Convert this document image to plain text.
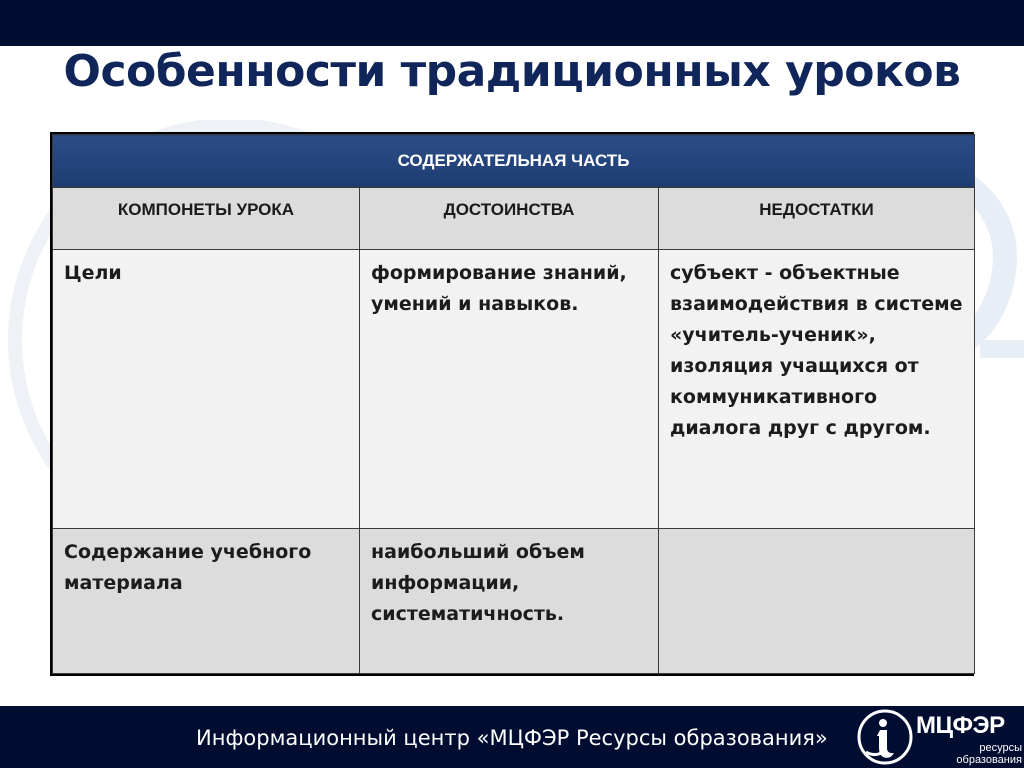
Особенности традиционных уроков
СОДЕРЖАТЕЛЬНАЯ ЧАСТЬ		
КОМПОНЕТЫ УРОКА	ДОСТОИНСТВА	НЕДОСТАТКИ

Цели	формирование знаний, умений и навыков.	субъект - объектные взаимодействия в системе «учитель-ученик», изоляция учащихся от коммуникативного диалога друг с другом.

Содержание учебного материала	наибольший объем информации, систематичность.	

Информационный центр «МЦФЭР Ресурсы образования»	МЦФЭР
ресурсы
образования
